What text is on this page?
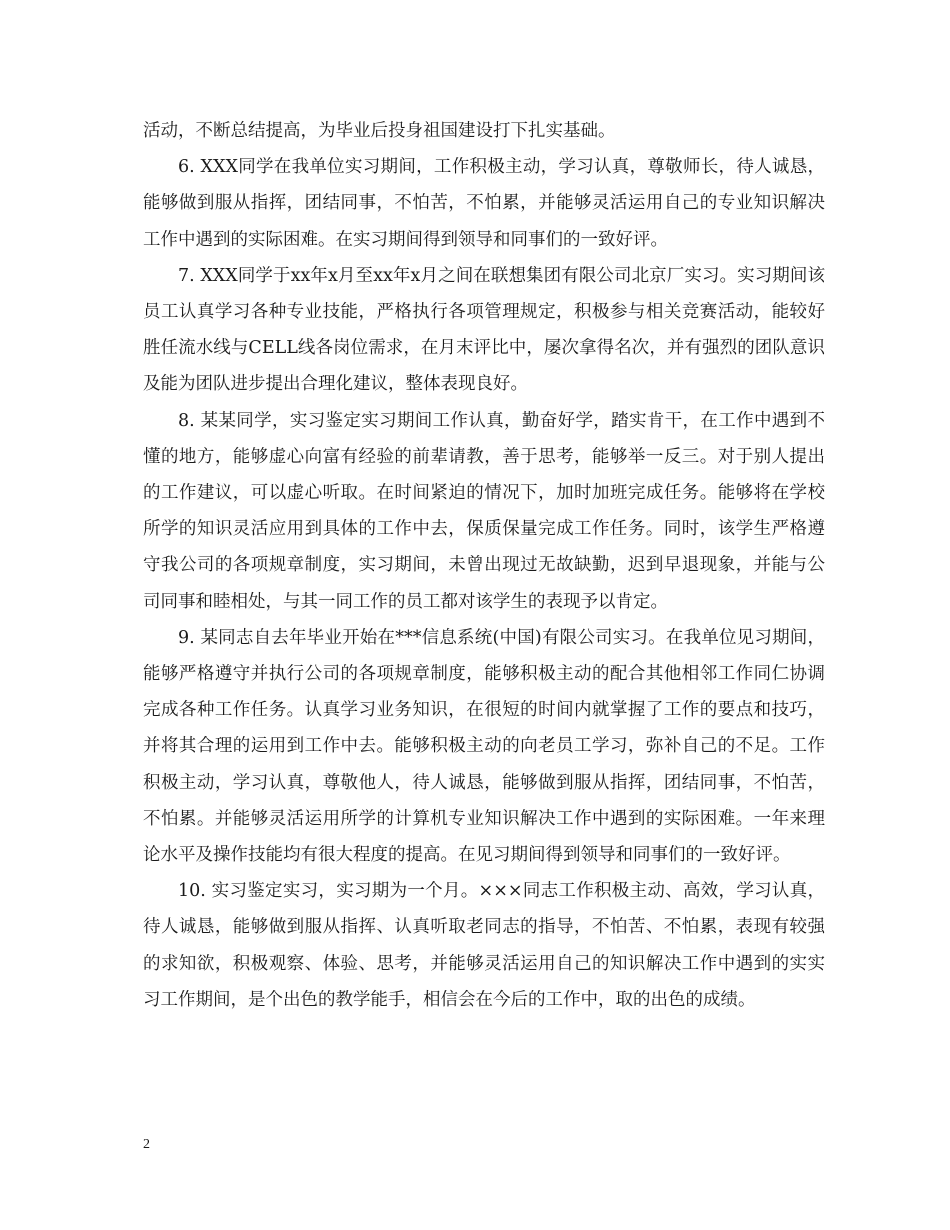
活动，不断总结提高，为毕业后投身祖国建设打下扎实基础。

6. XXX同学在我单位实习期间，工作积极主动，学习认真，尊敬师长，待人诚恳，能够做到服从指挥，团结同事，不怕苦，不怕累，并能够灵活运用自己的专业知识解决工作中遇到的实际困难。在实习期间得到领导和同事们的一致好评。

7. XXX同学于xx年x月至xx年x月之间在联想集团有限公司北京厂实习。实习期间该员工认真学习各种专业技能，严格执行各项管理规定，积极参与相关竞赛活动，能较好胜任流水线与CELL线各岗位需求，在月末评比中，屡次拿得名次，并有强烈的团队意识及能为团队进步提出合理化建议，整体表现良好。

8. 某某同学，实习鉴定实习期间工作认真，勤奋好学，踏实肯干，在工作中遇到不懂的地方，能够虚心向富有经验的前辈请教，善于思考，能够举一反三。对于别人提出的工作建议，可以虚心听取。在时间紧迫的情况下，加时加班完成任务。能够将在学校所学的知识灵活应用到具体的工作中去，保质保量完成工作任务。同时，该学生严格遵守我公司的各项规章制度，实习期间，未曾出现过无故缺勤，迟到早退现象，并能与公司同事和睦相处，与其一同工作的员工都对该学生的表现予以肯定。

9. 某同志自去年毕业开始在***信息系统(中国)有限公司实习。在我单位见习期间，能够严格遵守并执行公司的各项规章制度，能够积极主动的配合其他相邻工作同仁协调完成各种工作任务。认真学习业务知识，在很短的时间内就掌握了工作的要点和技巧，并将其合理的运用到工作中去。能够积极主动的向老员工学习，弥补自己的不足。工作积极主动，学习认真，尊敬他人，待人诚恳，能够做到服从指挥，团结同事，不怕苦，不怕累。并能够灵活运用所学的计算机专业知识解决工作中遇到的实际困难。一年来理论水平及操作技能均有很大程度的提高。在见习期间得到领导和同事们的一致好评。

10. 实习鉴定实习，实习期为一个月。×××同志工作积极主动、高效，学习认真，待人诚恳，能够做到服从指挥、认真听取老同志的指导，不怕苦、不怕累，表现有较强的求知欲，积极观察、体验、思考，并能够灵活运用自己的知识解决工作中遇到的实实习工作期间，是个出色的教学能手，相信会在今后的工作中，取的出色的成绩。

2
